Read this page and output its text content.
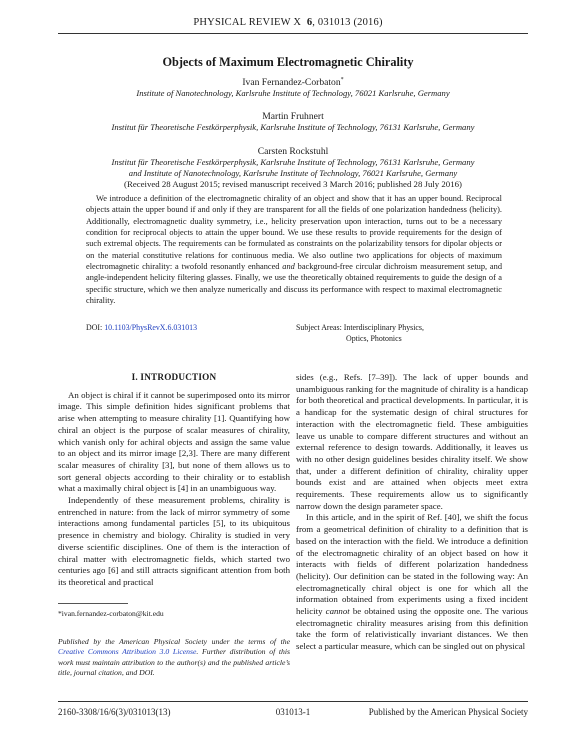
PHYSICAL REVIEW X 6, 031013 (2016)
Objects of Maximum Electromagnetic Chirality
Ivan Fernandez-Corbaton*
Institute of Nanotechnology, Karlsruhe Institute of Technology, 76021 Karlsruhe, Germany
Martin Fruhnert
Institut für Theoretische Festkörperphysik, Karlsruhe Institute of Technology, 76131 Karlsruhe, Germany
Carsten Rockstuhl
Institut für Theoretische Festkörperphysik, Karlsruhe Institute of Technology, 76131 Karlsruhe, Germany
and Institute of Nanotechnology, Karlsruhe Institute of Technology, 76021 Karlsruhe, Germany
(Received 28 August 2015; revised manuscript received 3 March 2016; published 28 July 2016)
We introduce a definition of the electromagnetic chirality of an object and show that it has an upper bound. Reciprocal objects attain the upper bound if and only if they are transparent for all the fields of one polarization handedness (helicity). Additionally, electromagnetic duality symmetry, i.e., helicity preservation upon interaction, turns out to be a necessary condition for reciprocal objects to attain the upper bound. We use these results to provide requirements for the design of such extremal objects. The requirements can be formulated as constraints on the polarizability tensors for dipolar objects or on the material constitutive relations for continuous media. We also outline two applications for objects of maximum electromagnetic chirality: a twofold resonantly enhanced and background-free circular dichroism measurement setup, and angle-independent helicity filtering glasses. Finally, we use the theoretically obtained requirements to guide the design of a specific structure, which we then analyze numerically and discuss its performance with respect to maximal electromagnetic chirality.
DOI: 10.1103/PhysRevX.6.031013	Subject Areas: Interdisciplinary Physics,
Optics, Photonics
I. INTRODUCTION

An object is chiral if it cannot be superimposed onto its mirror image. This simple definition hides significant problems that arise when attempting to measure chirality [1]. Quantifying how chiral an object is the purpose of scalar measures of chirality, which vanish only for achiral objects and assign the same value to an object and its mirror image [2,3]. There are many different scalar measures of chirality [3], but none of them allows us to sort general objects according to their chirality or to establish what a maximally chiral object is [4] in an unambiguous way.

Independently of these measurement problems, chirality is entrenched in nature: from the lack of mirror symmetry of some interactions among fundamental particles [5], to its ubiquitous presence in chemistry and biology. Chirality is studied in very diverse scientific disciplines. One of them is the interaction of chiral matter with electromagnetic fields, which started two centuries ago [6] and still attracts significant attention from both its theoretical and practical

*ivan.fernandez-corbaton@kit.edu
Published by the American Physical Society under the terms of the Creative Commons Attribution 3.0 License. Further distribution of this work must maintain attribution to the author(s) and the published article’s title, journal citation, and DOI.

sides (e.g., Refs. [7–39]). The lack of upper bounds and unambiguous ranking for the magnitude of chirality is a handicap for both theoretical and practical developments. In particular, it is a handicap for the systematic design of chiral structures for interaction with the electromagnetic field. These ambiguities leave us unable to compare different structures and without an external reference to design towards. Additionally, it leaves us with no other design guidelines besides chirality itself. We show that, under a different definition of chirality, chirality upper bounds exist and are attained when objects meet extra requirements. These requirements allow us to significantly narrow down the design parameter space.

In this article, and in the spirit of Ref. [40], we shift the focus from a geometrical definition of chirality to a definition that is based on the interaction with the field. We introduce a definition of the electromagnetic chirality of an object based on how it interacts with fields of different polarization handedness (helicity). Our definition can be stated in the following way: An electromagnetically chiral object is one for which all the information obtained from experiments using a fixed incident helicity cannot be obtained using the opposite one. The various electromagnetic chirality measures arising from this definition take the form of relativistically invariant distances. We then select a particular measure, which can be singled out on physical

2160-3308/16/6(3)/031013(13)	031013-1	Published by the American Physical Society
